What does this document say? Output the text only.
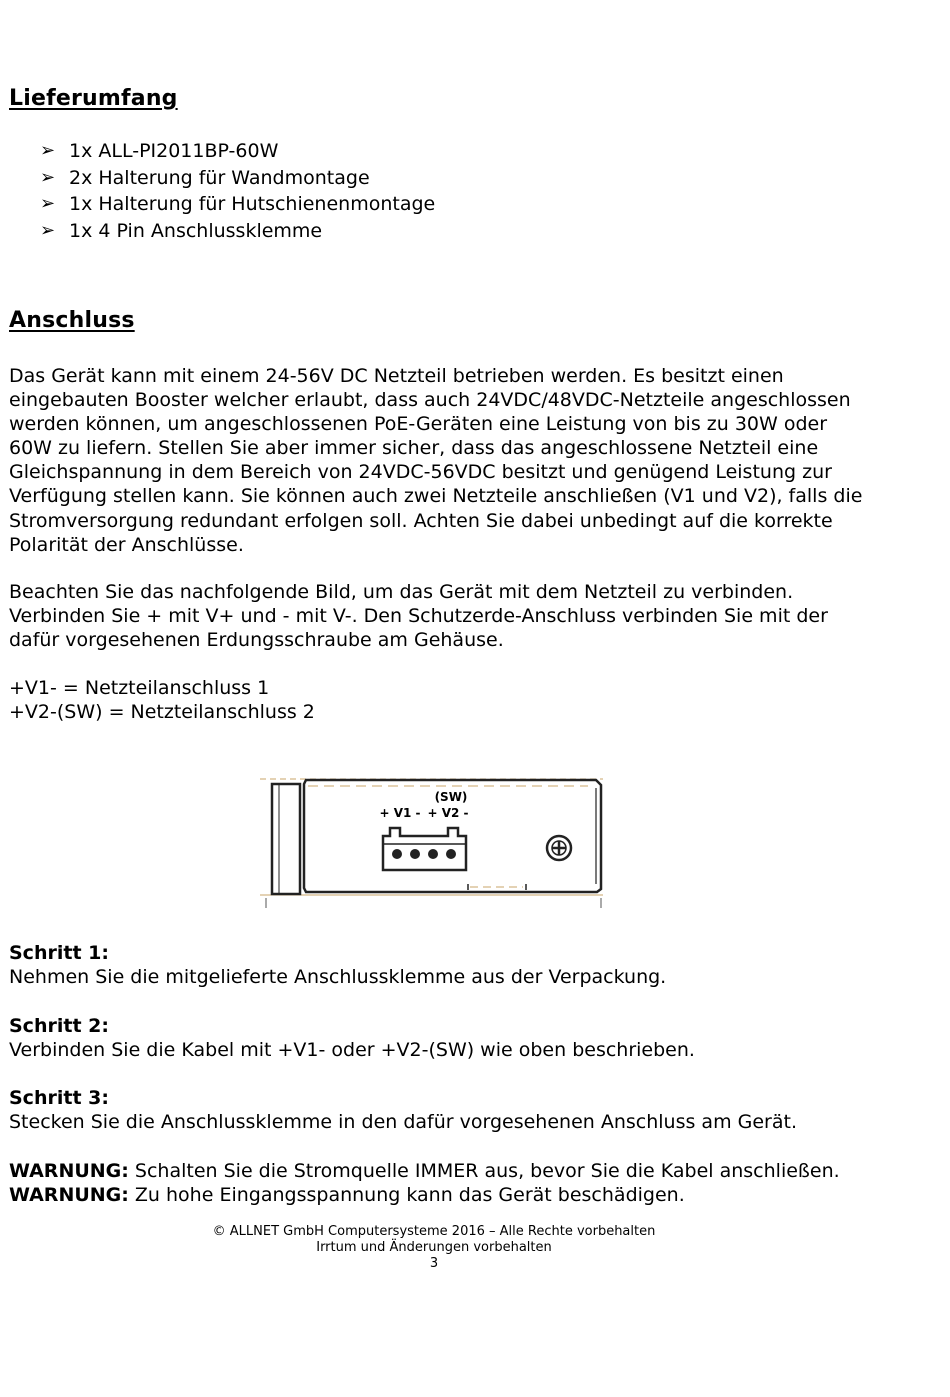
Lieferumfang
➢ 1x ALL-PI2011BP-60W
➢ 2x Halterung für Wandmontage
➢ 1x Halterung für Hutschienenmontage
➢ 1x 4 Pin Anschlussklemme
Anschluss

Das Gerät kann mit einem 24-56V DC Netzteil betrieben werden. Es besitzt einen
eingebauten Booster welcher erlaubt, dass auch 24VDC/48VDC-Netzteile angeschlossen
werden können, um angeschlossenen PoE-Geräten eine Leistung von bis zu 30W oder
60W zu liefern. Stellen Sie aber immer sicher, dass das angeschlossene Netzteil eine
Gleichspannung in dem Bereich von 24VDC-56VDC besitzt und genügend Leistung zur
Verfügung stellen kann. Sie können auch zwei Netzteile anschließen (V1 und V2), falls die
Stromversorgung redundant erfolgen soll. Achten Sie dabei unbedingt auf die korrekte
Polarität der Anschlüsse.

Beachten Sie das nachfolgende Bild, um das Gerät mit dem Netzteil zu verbinden.
Verbinden Sie + mit V+ und - mit V-. Den Schutzerde-Anschluss verbinden Sie mit der
dafür vorgesehenen Erdungsschraube am Gehäuse.

+V1- = Netzteilanschluss 1
+V2-(SW) = Netzteilanschluss 2

(SW)
+ V1 - + V2 -

Schritt 1:

Nehmen Sie die mitgelieferte Anschlussklemme aus der Verpackung.

Schritt 2:

Verbinden Sie die Kabel mit +V1- oder +V2-(SW) wie oben beschrieben.

Schritt 3:

Stecken Sie die Anschlussklemme in den dafür vorgesehenen Anschluss am Gerät.

WARNUNG: Schalten Sie die Stromquelle IMMER aus, bevor Sie die Kabel anschließen.

WARNUNG: Zu hohe Eingangsspannung kann das Gerät beschädigen.

© ALLNET GmbH Computersysteme 2016 – Alle Rechte vorbehalten
Irrtum und Änderungen vorbehalten
3
